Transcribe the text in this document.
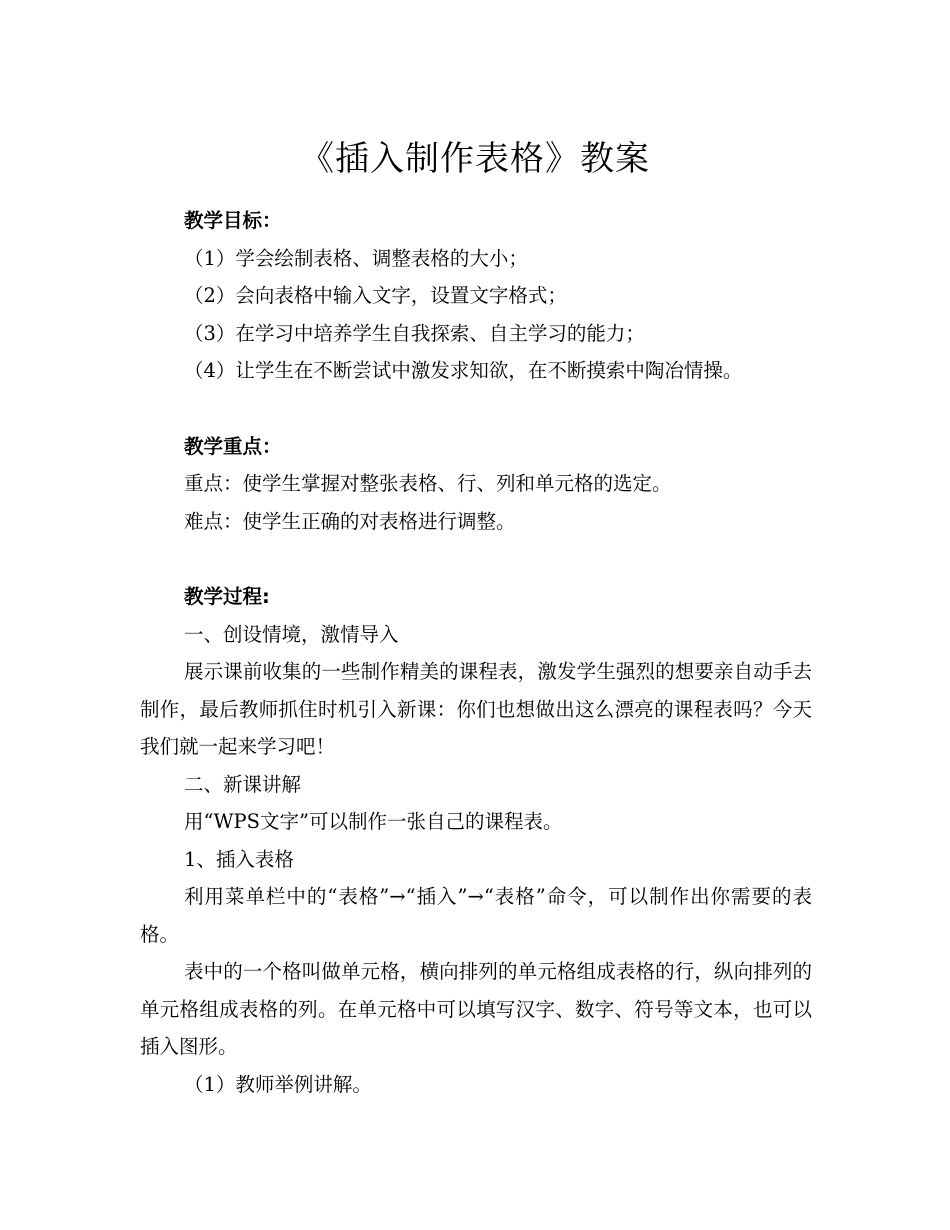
《插入制作表格》教案
教学目标：
（1）学会绘制表格、调整表格的大小；
（2）会向表格中输入文字，设置文字格式；
（3）在学习中培养学生自我探索、自主学习的能力；
（4）让学生在不断尝试中激发求知欲，在不断摸索中陶冶情操。
教学重点：
重点：使学生掌握对整张表格、行、列和单元格的选定。
难点：使学生正确的对表格进行调整。
教学过程:
一、创设情境，激情导入
展示课前收集的一些制作精美的课程表，激发学生强烈的想要亲自动手去制作，最后教师抓住时机引入新课：你们也想做出这么漂亮的课程表吗？今天我们就一起来学习吧！
二、新课讲解
用“WPS文字”可以制作一张自己的课程表。
1、插入表格
利用菜单栏中的“表格”→“插入”→“表格”命令，可以制作出你需要的表格。
表中的一个格叫做单元格，横向排列的单元格组成表格的行，纵向排列的单元格组成表格的列。在单元格中可以填写汉字、数字、符号等文本，也可以插入图形。
（1）教师举例讲解。
